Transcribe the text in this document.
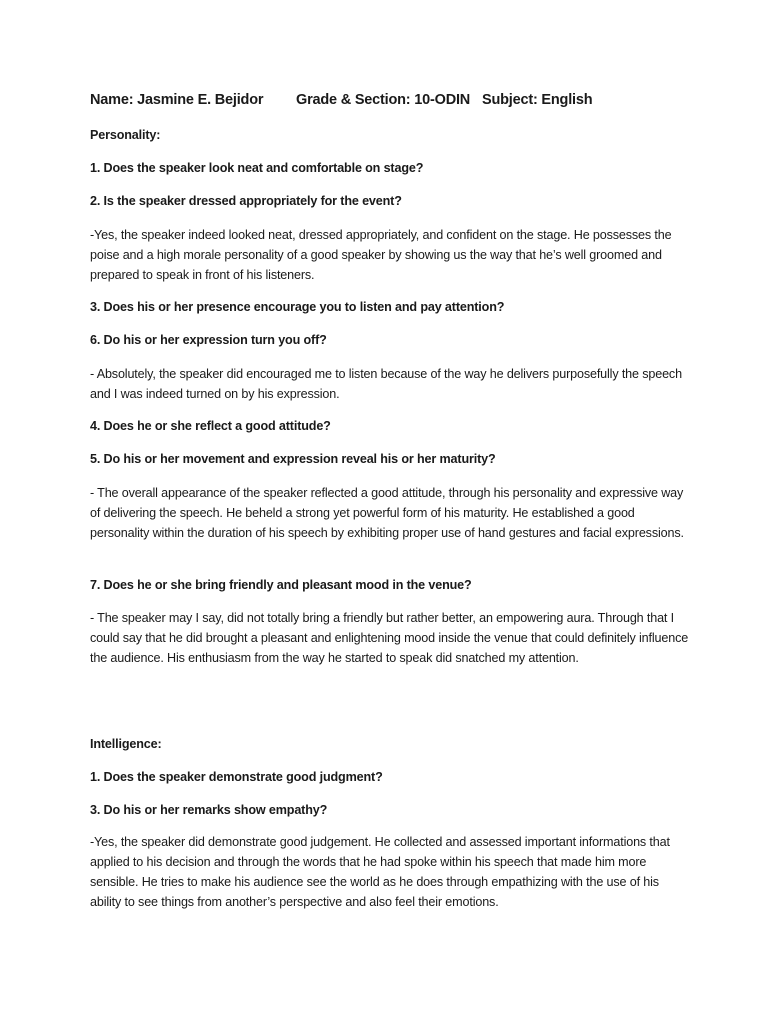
Name: Jasmine E. Bejidor Grade & Section: 10-ODIN Subject: English
Personality:
1. Does the speaker look neat and comfortable on stage?
2. Is the speaker dressed appropriately for the event?
-Yes, the speaker indeed looked neat, dressed appropriately, and confident on the stage. He possesses the poise and a high morale personality of a good speaker by showing us the way that he’s well groomed and prepared to speak in front of his listeners.
3. Does his or her presence encourage you to listen and pay attention?
6. Do his or her expression turn you off?
- Absolutely, the speaker did encouraged me to listen because of the way he delivers purposefully the speech and I was indeed turned on by his expression.
4. Does he or she reflect a good attitude?
5. Do his or her movement and expression reveal his or her maturity?
- The overall appearance of the speaker reflected a good attitude, through his personality and expressive way of delivering the speech. He beheld a strong yet powerful form of his maturity. He established a good personality within the duration of his speech by exhibiting proper use of hand gestures and facial expressions.
7. Does he or she bring friendly and pleasant mood in the venue?
- The speaker may I say, did not totally bring a friendly but rather better, an empowering aura. Through that I could say that he did brought a pleasant and enlightening mood inside the venue that could definitely influence the audience. His enthusiasm from the way he started to speak did snatched my attention.
Intelligence:
1. Does the speaker demonstrate good judgment?
3. Do his or her remarks show empathy?
-Yes, the speaker did demonstrate good judgement. He collected and assessed important informations that applied to his decision and through the words that he had spoke within his speech that made him more sensible. He tries to make his audience see the world as he does through empathizing with the use of his ability to see things from another’s perspective and also feel their emotions.
